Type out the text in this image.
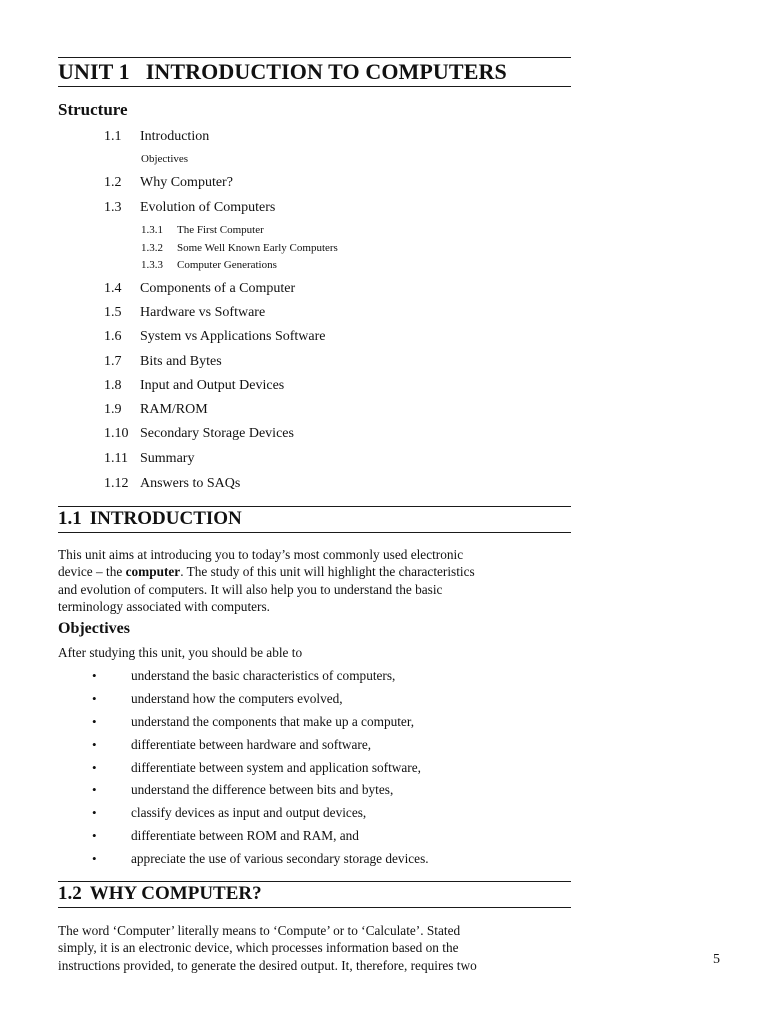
UNIT 1 INTRODUCTION TO COMPUTERS
Structure
1.1 Introduction
Objectives
1.2 Why Computer?
1.3 Evolution of Computers
1.3.1 The First Computer
1.3.2 Some Well Known Early Computers
1.3.3 Computer Generations
1.4 Components of a Computer
1.5 Hardware vs Software
1.6 System vs Applications Software
1.7 Bits and Bytes
1.8 Input and Output Devices
1.9 RAM/ROM
1.10 Secondary Storage Devices
1.11 Summary
1.12 Answers to SAQs
1.1 INTRODUCTION
This unit aims at introducing you to today’s most commonly used electronic
device – the computer. The study of this unit will highlight the characteristics
and evolution of computers. It will also help you to understand the basic
terminology associated with computers.
Objectives
After studying this unit, you should be able to
•	understand the basic characteristics of computers,
•	understand how the computers evolved,
•	understand the components that make up a computer,
•	differentiate between hardware and software,
•	differentiate between system and application software,
•	understand the difference between bits and bytes,
•	classify devices as input and output devices,
•	differentiate between ROM and RAM, and
•	appreciate the use of various secondary storage devices.
1.2 WHY COMPUTER?
The word ‘Computer’ literally means to ‘Compute’ or to ‘Calculate’. Stated
simply, it is an electronic device, which processes information based on the
instructions provided, to generate the desired output. It, therefore, requires two	5
